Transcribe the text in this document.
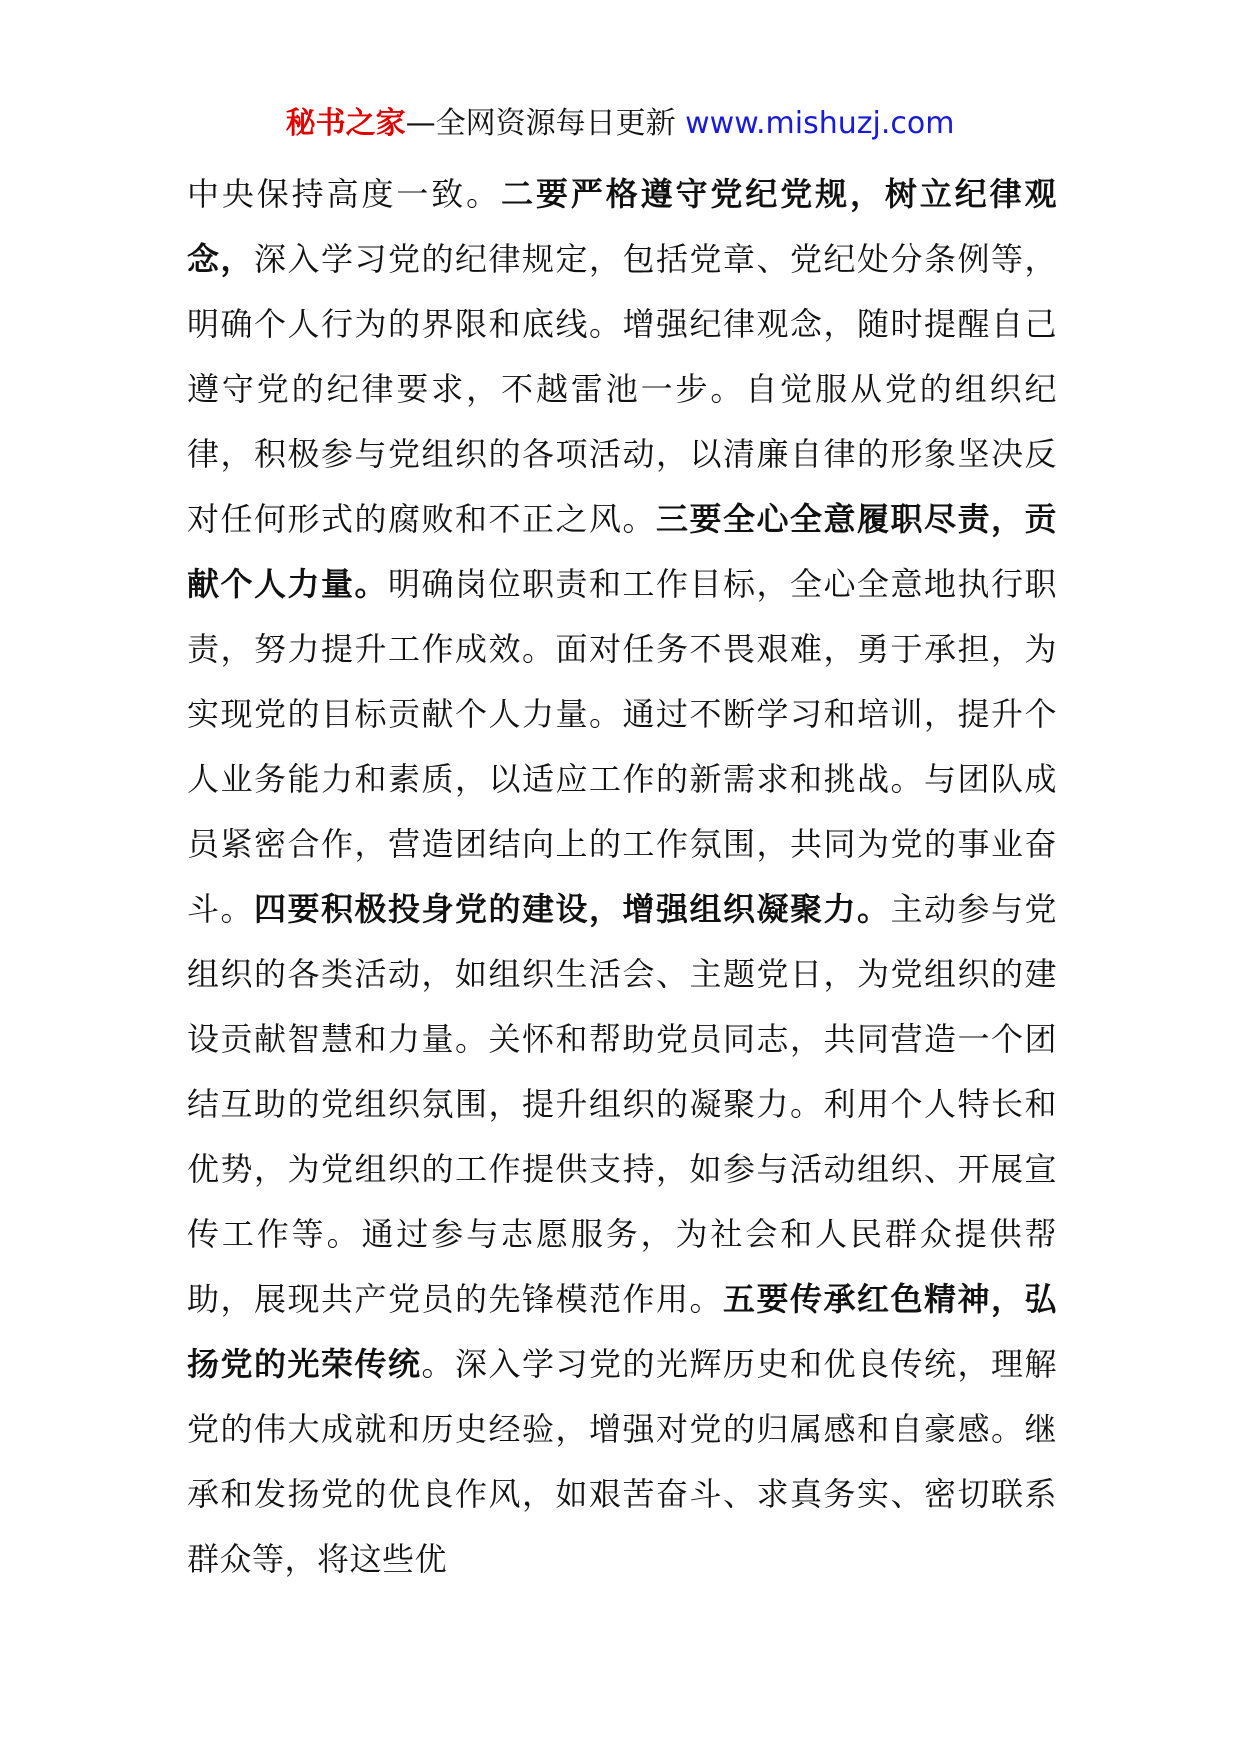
秘书之家—全网资源每日更新 www.mishuzj.com
中央保持高度一致。二要严格遵守党纪党规，树立纪律观念，深入学习党的纪律规定，包括党章、党纪处分条例等，明确个人行为的界限和底线。增强纪律观念，随时提醒自己遵守党的纪律要求，不越雷池一步。自觉服从党的组织纪律，积极参与党组织的各项活动，以清廉自律的形象坚决反对任何形式的腐败和不正之风。三要全心全意履职尽责，贡献个人力量。明确岗位职责和工作目标，全心全意地执行职责，努力提升工作成效。面对任务不畏艰难，勇于承担，为实现党的目标贡献个人力量。通过不断学习和培训，提升个人业务能力和素质，以适应工作的新需求和挑战。与团队成员紧密合作，营造团结向上的工作氛围，共同为党的事业奋斗。四要积极投身党的建设，增强组织凝聚力。主动参与党组织的各类活动，如组织生活会、主题党日，为党组织的建设贡献智慧和力量。关怀和帮助党员同志，共同营造一个团结互助的党组织氛围，提升组织的凝聚力。利用个人特长和优势，为党组织的工作提供支持，如参与活动组织、开展宣传工作等。通过参与志愿服务，为社会和人民群众提供帮助，展现共产党员的先锋模范作用。五要传承红色精神，弘扬党的光荣传统。深入学习党的光辉历史和优良传统，理解党的伟大成就和历史经验，增强对党的归属感和自豪感。继承和发扬党的优良作风，如艰苦奋斗、求真务实、密切联系群众等，将这些优
